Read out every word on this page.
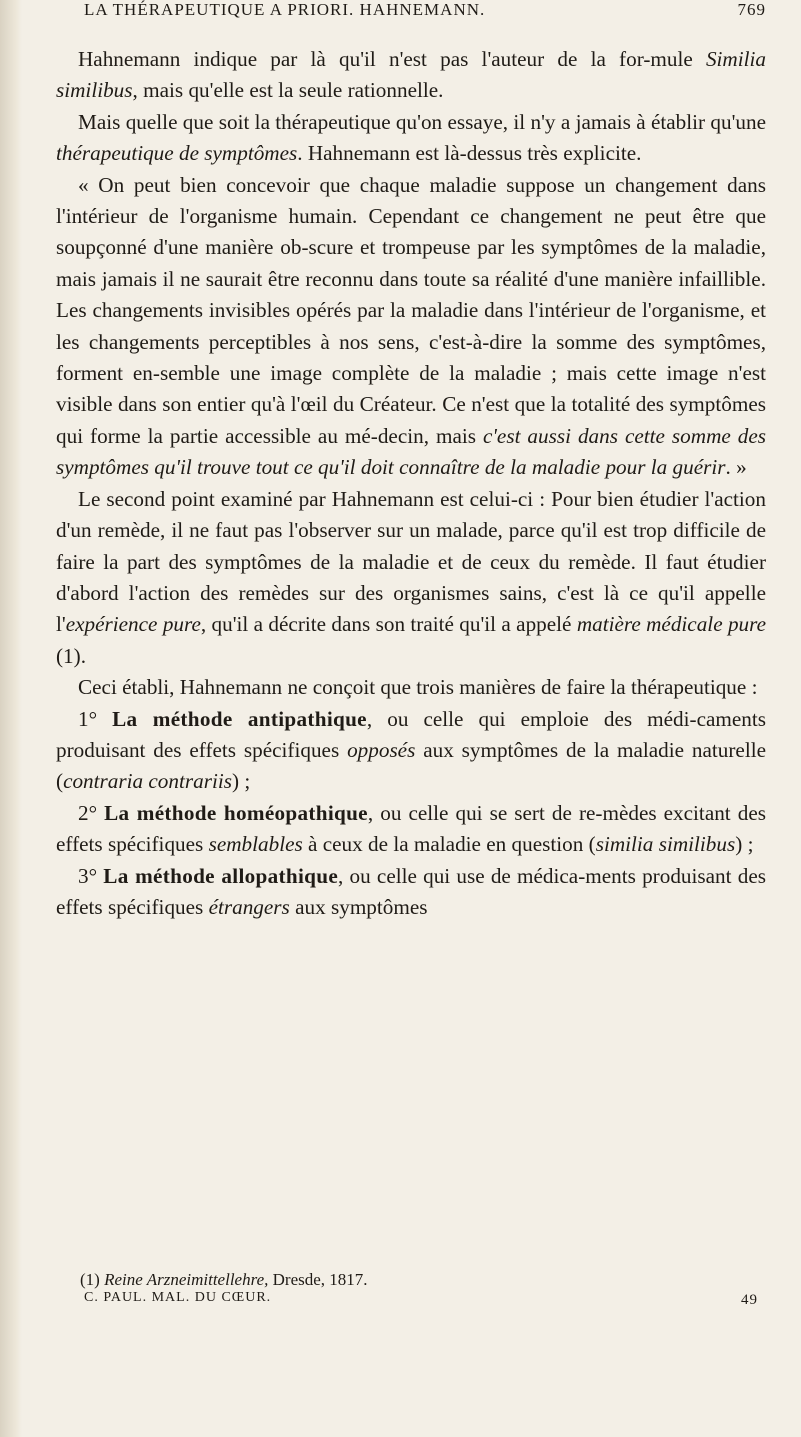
LA THÉRAPEUTIQUE A PRIORI. HAHNEMANN.	769

Hahnemann indique par là qu'il n'est pas l'auteur de la for-mule Similia similibus, mais qu'elle est la seule rationnelle.

Mais quelle que soit la thérapeutique qu'on essaye, il n'y a jamais à établir qu'une thérapeutique de symptômes. Hahnemann est là-dessus très explicite.

« On peut bien concevoir que chaque maladie suppose un changement dans l'intérieur de l'organisme humain. Cependant ce changement ne peut être que soupçonné d'une manière ob-scure et trompeuse par les symptômes de la maladie, mais jamais il ne saurait être reconnu dans toute sa réalité d'une manière infaillible. Les changements invisibles opérés par la maladie dans l'intérieur de l'organisme, et les changements perceptibles à nos sens, c'est-à-dire la somme des symptômes, forment en-semble une image complète de la maladie ; mais cette image n'est visible dans son entier qu'à l'œil du Créateur. Ce n'est que la totalité des symptômes qui forme la partie accessible au mé-decin, mais c'est aussi dans cette somme des symptômes qu'il trouve tout ce qu'il doit connaître de la maladie pour la guérir. »

Le second point examiné par Hahnemann est celui-ci : Pour bien étudier l'action d'un remède, il ne faut pas l'observer sur un malade, parce qu'il est trop difficile de faire la part des symptômes de la maladie et de ceux du remède. Il faut étudier d'abord l'action des remèdes sur des organismes sains, c'est là ce qu'il appelle l'expérience pure, qu'il a décrite dans son traité qu'il a appelé matière médicale pure (1).

Ceci établi, Hahnemann ne conçoit que trois manières de faire la thérapeutique :

1° La méthode antipathique, ou celle qui emploie des médi-caments produisant des effets spécifiques opposés aux symptômes de la maladie naturelle (contraria contrariis) ;

2° La méthode homéopathique, ou celle qui se sert de re-mèdes excitant des effets spécifiques semblables à ceux de la maladie en question (similia similibus) ;

3° La méthode allopathique, ou celle qui use de médica-ments produisant des effets spécifiques étrangers aux symptômes

(1) Reine Arzneimittellehre, Dresde, 1817.
C. PAUL. MAL. DU CŒUR.	49
